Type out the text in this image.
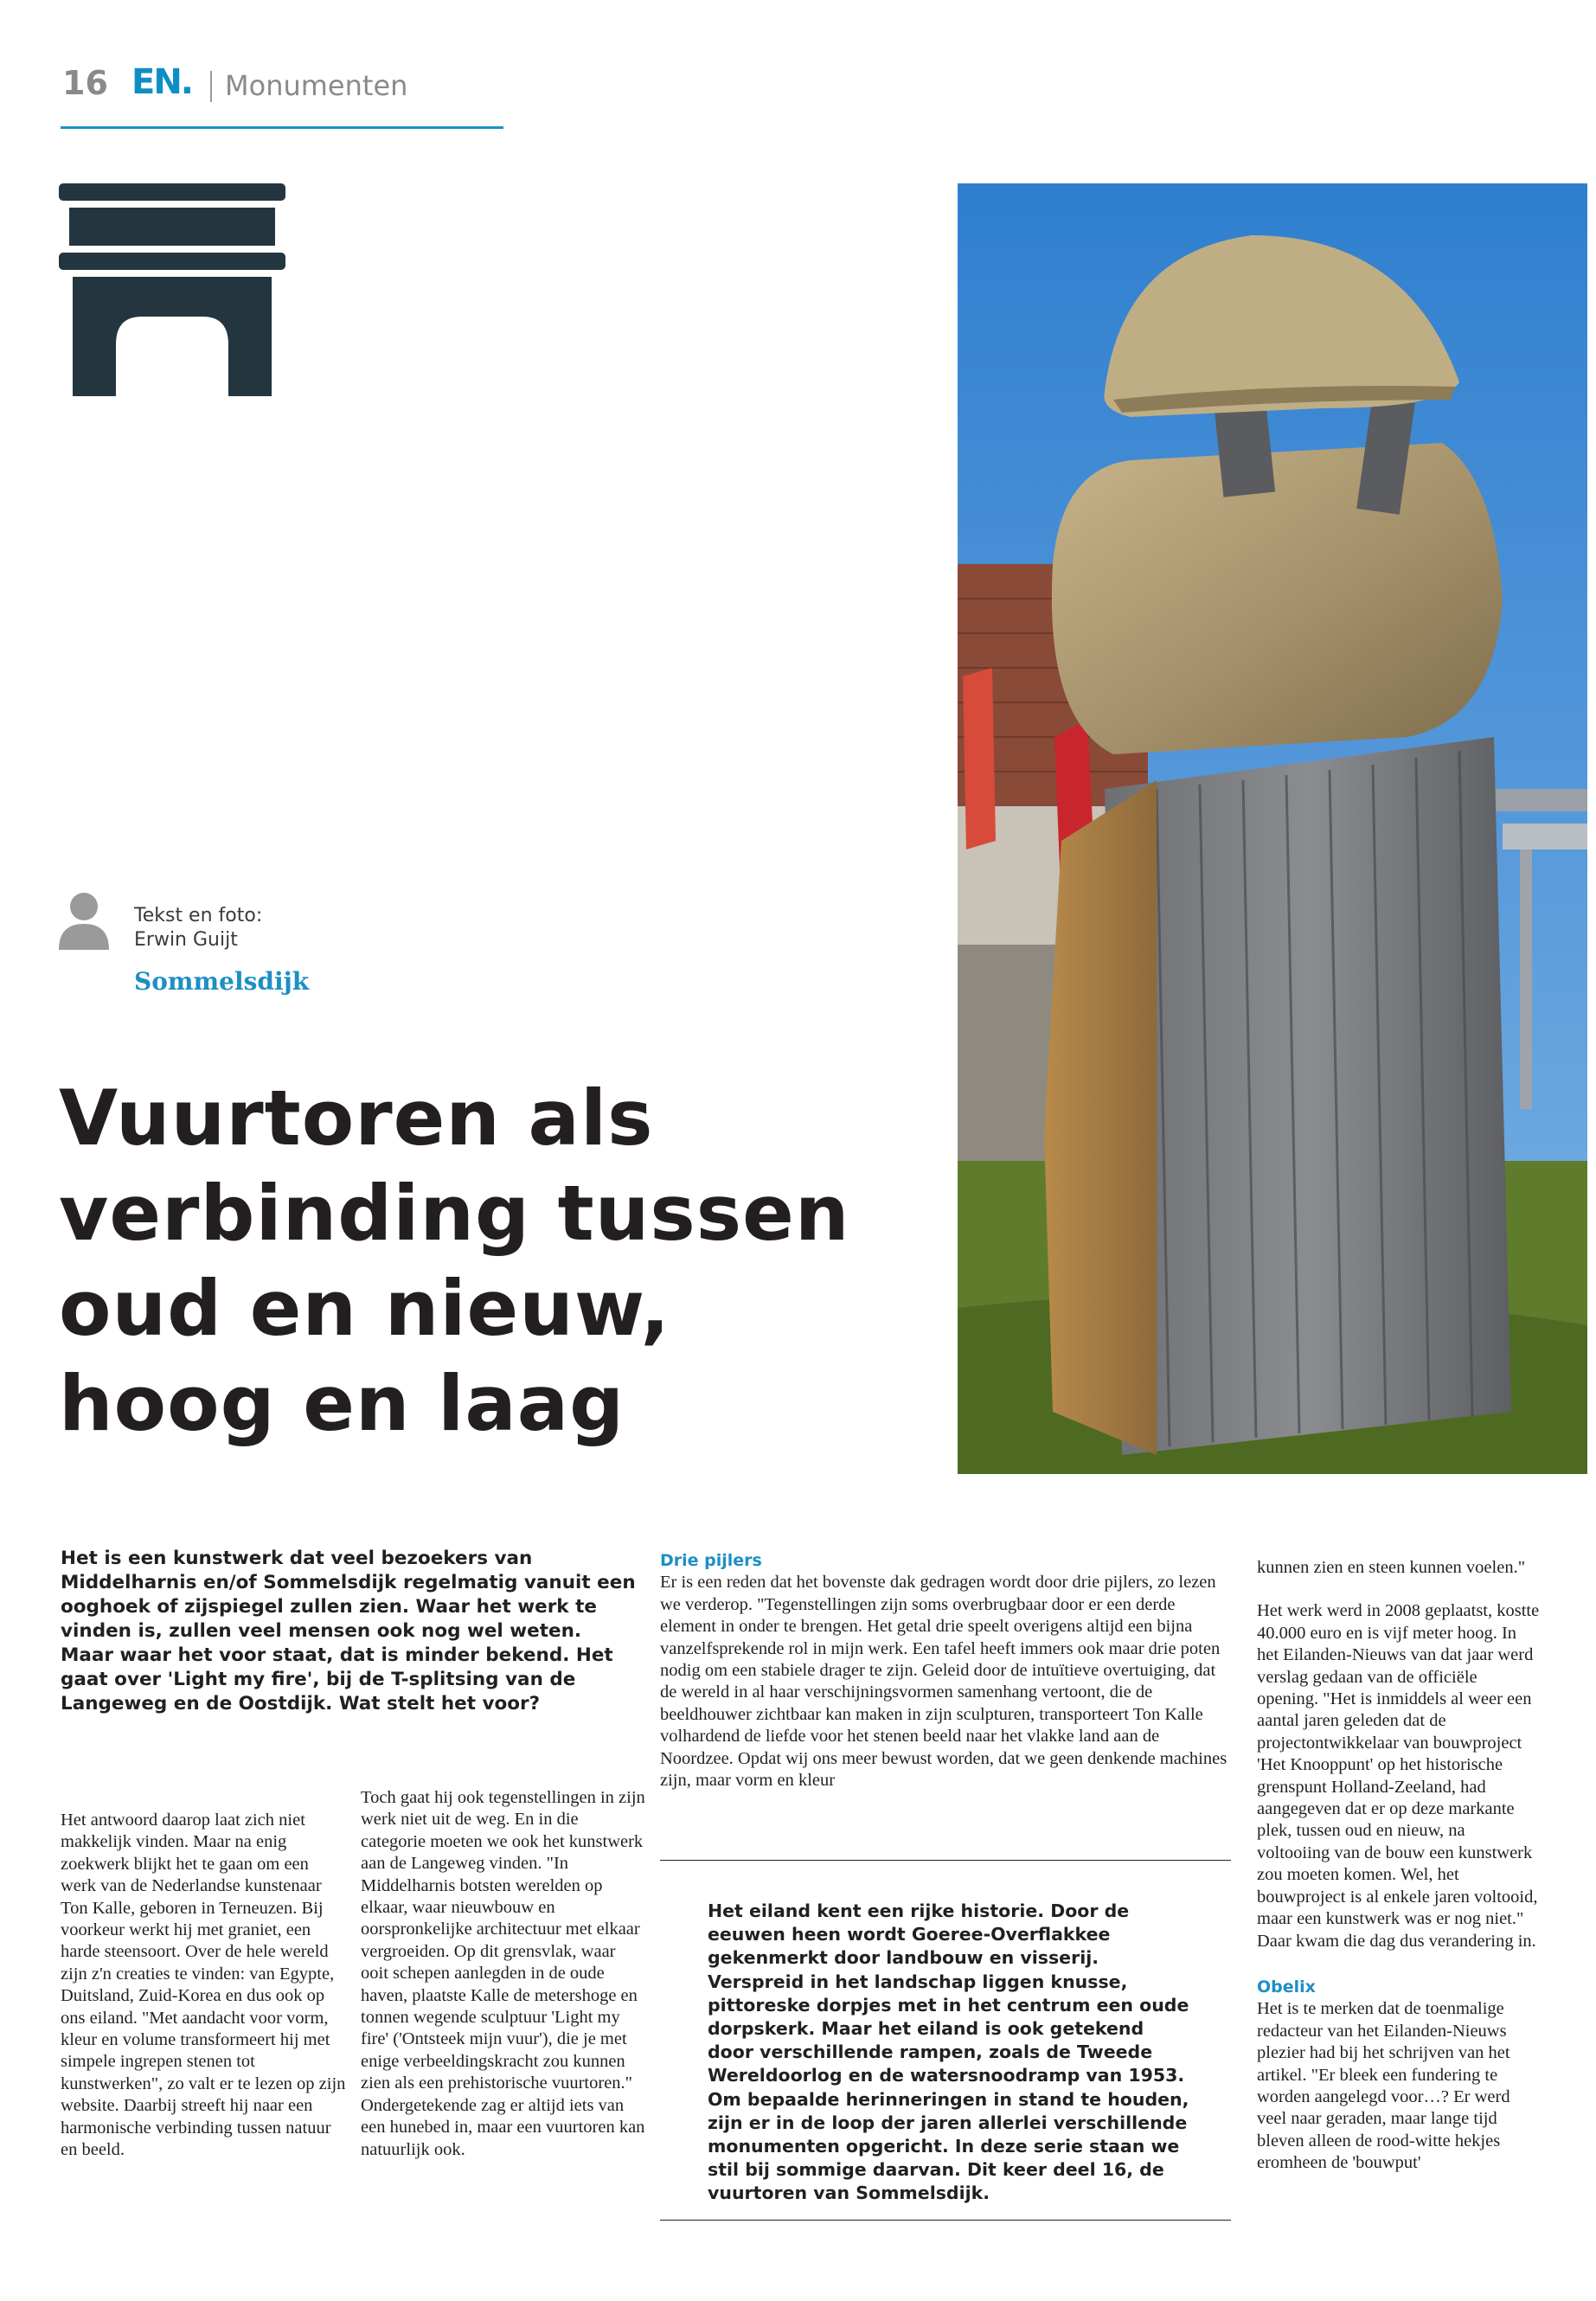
16 EN. Monumenten
Tekst en foto:
Erwin Guijt
Sommelsdijk
Vuurtoren als
verbinding tussen
oud en nieuw,
hoog en laag

Het is een kunstwerk dat veel bezoekers van Middelharnis en/of Sommelsdijk regelmatig vanuit een ooghoek of zijspiegel zullen zien. Waar het werk te vinden is, zullen veel mensen ook nog wel weten. Maar waar het voor staat, dat is minder bekend. Het gaat over 'Light my fire', bij de T-splitsing van de Langeweg en de Oostdijk. Wat stelt het voor?

Het antwoord daarop laat zich niet makkelijk vinden. Maar na enig zoekwerk blijkt het te gaan om een werk van de Nederlandse kunstenaar Ton Kalle, geboren in Terneuzen. Bij voorkeur werkt hij met graniet, een harde steensoort. Over de hele wereld zijn z'n creaties te vinden: van Egypte, Duitsland, Zuid-Korea en dus ook op ons eiland. "Met aandacht voor vorm, kleur en volume transformeert hij met simpele ingrepen stenen tot kunstwerken", zo valt er te lezen op zijn website. Daarbij streeft hij naar een harmonische verbinding tussen natuur en beeld.

Toch gaat hij ook tegenstellingen in zijn werk niet uit de weg. En in die categorie moeten we ook het kunstwerk aan de Langeweg vinden. "In Middelharnis botsten werelden op elkaar, waar nieuwbouw en oorspronkelijke architectuur met elkaar vergroeiden. Op dit grensvlak, waar ooit schepen aanlegden in de oude haven, plaatste Kalle de metershoge en tonnen wegende sculptuur 'Light my fire' ('Ontsteek mijn vuur'), die je met enige verbeeldingskracht zou kunnen zien als een prehistorische vuurtoren." Ondergetekende zag er altijd iets van een hunebed in, maar een vuurtoren kan natuurlijk ook.

Drie pijlers

Er is een reden dat het bovenste dak gedragen wordt door drie pijlers, zo lezen we verderop. "Tegenstellingen zijn soms overbrugbaar door er een derde element in onder te brengen. Het getal drie speelt overigens altijd een bijna vanzelfsprekende rol in mijn werk. Een tafel heeft immers ook maar drie poten nodig om een stabiele drager te zijn. Geleid door de intuïtieve overtuiging, dat de wereld in al haar verschijningsvormen samenhang vertoont, die de beeldhouwer zichtbaar kan maken in zijn sculpturen, transporteert Ton Kalle volhardend de liefde voor het stenen beeld naar het vlakke land aan de Noordzee. Opdat wij ons meer bewust worden, dat we geen denkende machines zijn, maar vorm en kleur

Het eiland kent een rijke historie. Door de eeuwen heen wordt Goeree-Overflakkee gekenmerkt door landbouw en visserij. Verspreid in het landschap liggen knusse, pittoreske dorpjes met in het centrum een oude dorpskerk. Maar het eiland is ook getekend door verschillende rampen, zoals de Tweede Wereldoorlog en de watersnoodramp van 1953. Om bepaalde herinneringen in stand te houden, zijn er in de loop der jaren allerlei verschillende monumenten opgericht. In deze serie staan we stil bij sommige daarvan. Dit keer deel 16, de vuurtoren van Sommelsdijk.

kunnen zien en steen kunnen voelen."

Het werk werd in 2008 geplaatst, kostte 40.000 euro en is vijf meter hoog. In het Eilanden-Nieuws van dat jaar werd verslag gedaan van de officiële opening. "Het is inmiddels al weer een aantal jaren geleden dat de projectontwikkelaar van bouwproject 'Het Knooppunt' op het historische grenspunt Holland-Zeeland, had aangegeven dat er op deze markante plek, tussen oud en nieuw, na voltooiing van de bouw een kunstwerk zou moeten komen. Wel, het bouwproject is al enkele jaren voltooid, maar een kunstwerk was er nog niet." Daar kwam die dag dus verandering in.

Obelix

Het is te merken dat de toenmalige redacteur van het Eilanden-Nieuws plezier had bij het schrijven van het artikel. "Er bleek een fundering te worden aangelegd voor…? Er werd veel naar geraden, maar lange tijd bleven alleen de rood-witte hekjes eromheen de 'bouwput'
